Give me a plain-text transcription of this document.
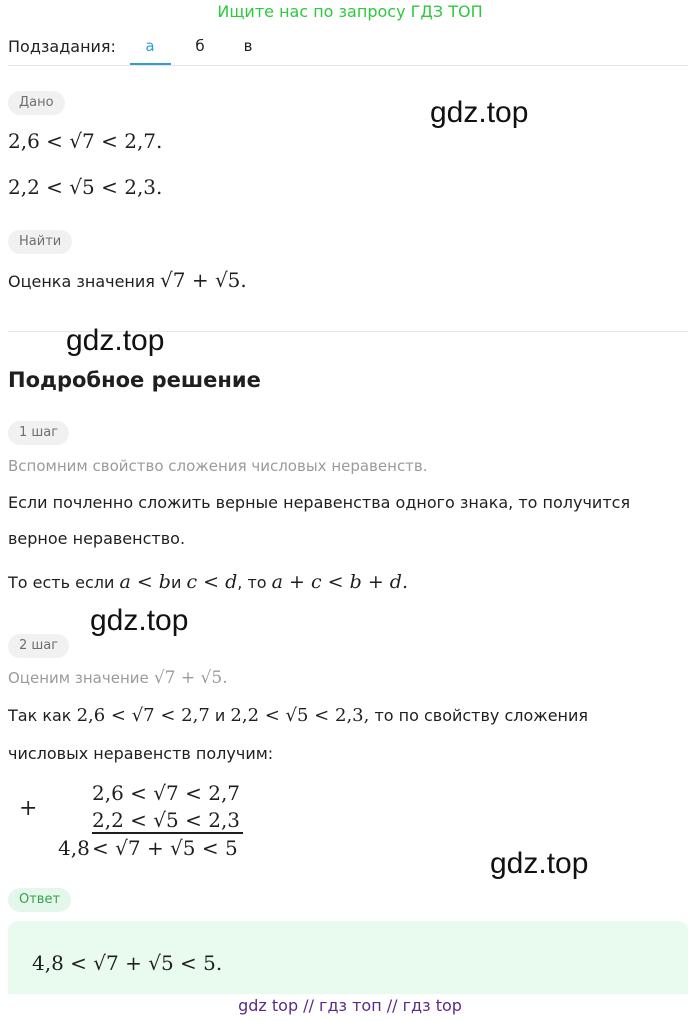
Ищите нас по запросу ГДЗ ТОП
Подзадания:	а	б	в
Дано
2,6 < √7 < 2,7.
2,2 < √5 < 2,3.
Найти
Оценка значения √7 + √5.
Подробное решение
1 шаг
Вспомним свойство сложения числовых неравенств.
Если почленно сложить верные неравенства одного знака, то получится
верное неравенство.
То есть если a < bи c < d, то a + c < b + d.
2 шаг
Оценим значение √7 + √5.
Так как 2,6 < √7 < 2,7 и 2,2 < √5 < 2,3, то по свойству сложения
числовых неравенств получим:
+
2,6 < √7 < 2,7
2,2 < √5 < 2,3
4,8 < √7 + √5 < 5
Ответ
4,8 < √7 + √5 < 5.
gdz.top
gdz.top
gdz.top
gdz.top
gdz top // гдз топ // гдз top
